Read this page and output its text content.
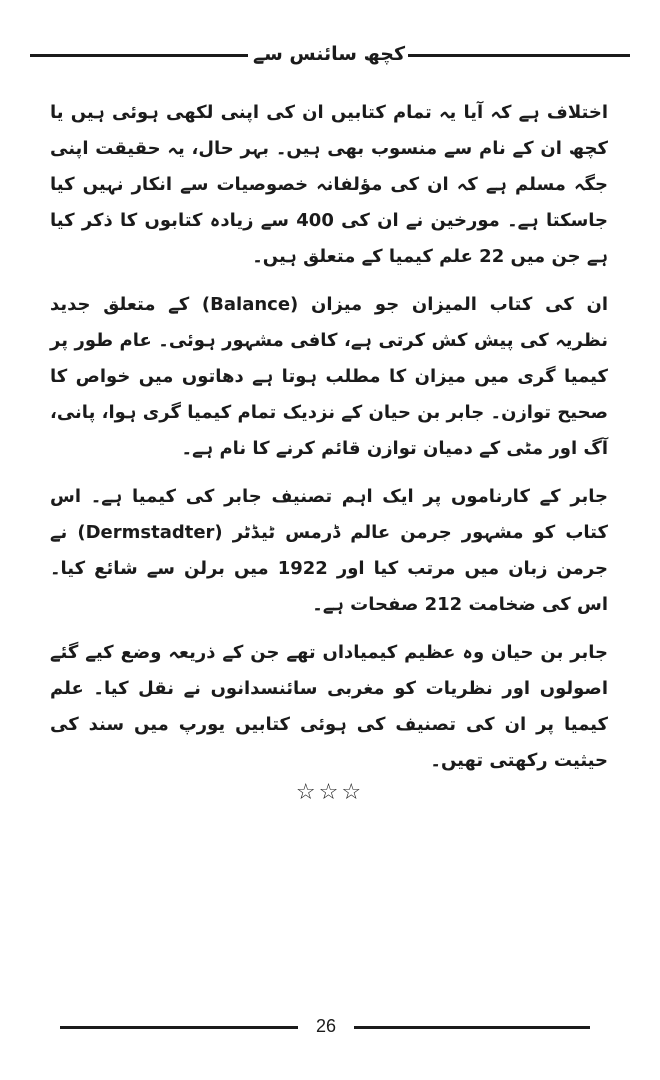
کچھ سائنس سے

اختلاف ہے کہ آیا یہ تمام کتابیں ان کی اپنی لکھی ہوئی ہیں یا کچھ ان کے نام سے منسوب بھی ہیں۔ بہر حال، یہ حقیقت اپنی جگہ مسلم ہے کہ ان کی مؤلفانہ خصوصیات سے انکار نہیں کیا جاسکتا ہے۔ مورخین نے ان کی 400 سے زیادہ کتابوں کا ذکر کیا ہے جن میں 22 علم کیمیا کے متعلق ہیں۔

ان کی کتاب المیزان جو میزان (Balance) کے متعلق جدید نظریہ کی پیش کش کرتی ہے، کافی مشہور ہوئی۔ عام طور پر کیمیا گری میں میزان کا مطلب ہوتا ہے دھاتوں میں خواص کا صحیح توازن۔ جابر بن حیان کے نزدیک تمام کیمیا گری ہوا، پانی، آگ اور مٹی کے دمیان توازن قائم کرنے کا نام ہے۔

جابر کے کارناموں پر ایک اہم تصنیف جابر کی کیمیا ہے۔ اس کتاب کو مشہور جرمن عالم ڈرمس ٹیڈٹر (Dermstadter) نے جرمن زبان میں مرتب کیا اور 1922 میں برلن سے شائع کیا۔ اس کی ضخامت 212 صفحات ہے۔

جابر بن حیان وہ عظیم کیمیاداں تھے جن کے ذریعہ وضع کیے گئے اصولوں اور نظریات کو مغربی سائنسدانوں نے نقل کیا۔ علم کیمیا پر ان کی تصنیف کی ہوئی کتابیں یورپ میں سند کی حیثیت رکھتی تھیں۔

☆☆☆
26
